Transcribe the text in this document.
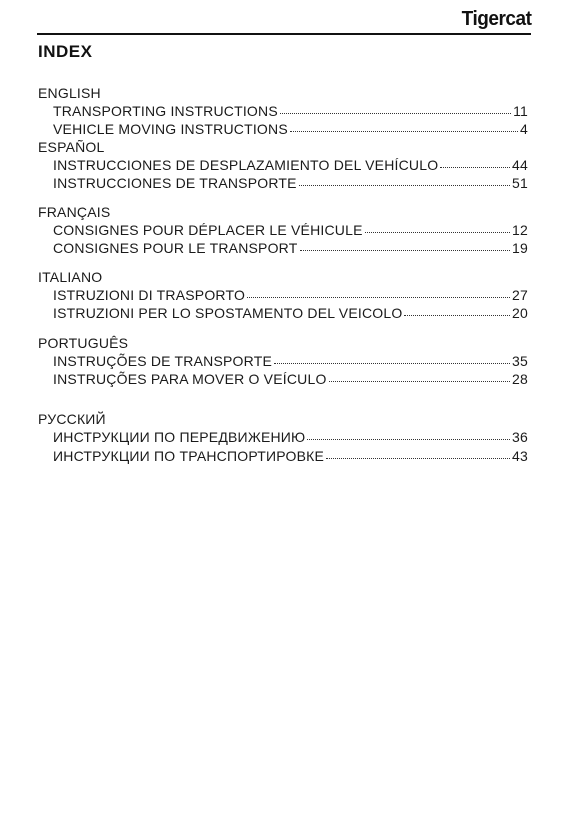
Tigercat
INDEX
ENGLISH
TRANSPORTING INSTRUCTIONS	11
VEHICLE MOVING INSTRUCTIONS	4
ESPAÑOL
INSTRUCCIONES DE DESPLAZAMIENTO DEL VEHÍCULO	44
INSTRUCCIONES DE TRANSPORTE	51
FRANÇAIS
CONSIGNES POUR DÉPLACER LE VÉHICULE	12
CONSIGNES POUR LE TRANSPORT	19
ITALIANO
ISTRUZIONI DI TRASPORTO	27
ISTRUZIONI PER LO SPOSTAMENTO DEL VEICOLO	20
PORTUGUÊS
INSTRUÇÕES DE TRANSPORTE	35
INSTRUÇÕES PARA MOVER O VEÍCULO	28
РУССКИЙ
ИНСТРУКЦИИ ПО ПЕРЕДВИЖЕНИЮ	36
ИНСТРУКЦИИ ПО ТРАНСПОРТИРОВКЕ	43
